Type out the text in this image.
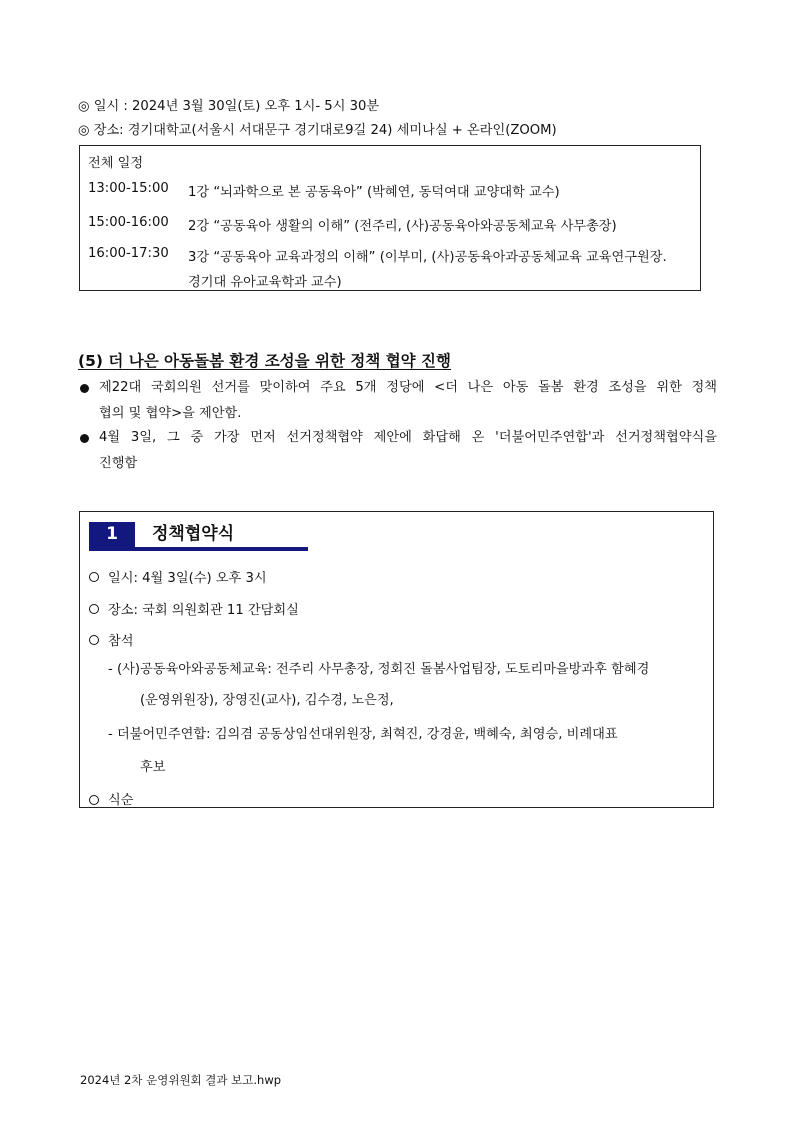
◎ 일시 : 2024년 3월 30일(토) 오후 1시- 5시 30분
◎ 장소: 경기대학교(서울시 서대문구 경기대로9길 24) 세미나실 + 온라인(ZOOM)
전체 일정
13:00-15:00 1강 “뇌과학으로 본 공동육아” (박혜연, 동덕여대 교양대학 교수)
15:00-16:00 2강 “공동육아 생활의 이해” (전주리, (사)공동육아와공동체교육 사무총장)
16:00-17:30 3강 “공동육아 교육과정의 이해” (이부미, (사)공동육아과공동체교육 교육연구원장.
경기대 유아교육학과 교수)
(5) 더 나은 아동돌봄 환경 조성을 위한 정책 협약 진행
제22대 국회의원 선거를 맞이하여 주요 5개 정당에 <더 나은 아동 돌봄 환경 조성을 위한 정책
협의 및 협약>을 제안함.
4월 3일, 그 중 가장 먼저 선거정책협약 제안에 화답해 온 '더불어민주연합'과 선거정책협약식을
진행함
1	정책협약식
일시: 4월 3일(수) 오후 3시
장소: 국회 의원회관 11 간담회실
참석
- (사)공동육아와공동체교육: 전주리 사무총장, 정회진 돌봄사업팀장, 도토리마을방과후 함혜경
(운영위원장), 장영진(교사), 김수경, 노은정,
- 더불어민주연합: 김의겸 공동상임선대위원장, 최혁진, 강경윤, 백혜숙, 최영승, 비례대표
후보
식순
2024년 2차 운영위원회 결과 보고.hwp
